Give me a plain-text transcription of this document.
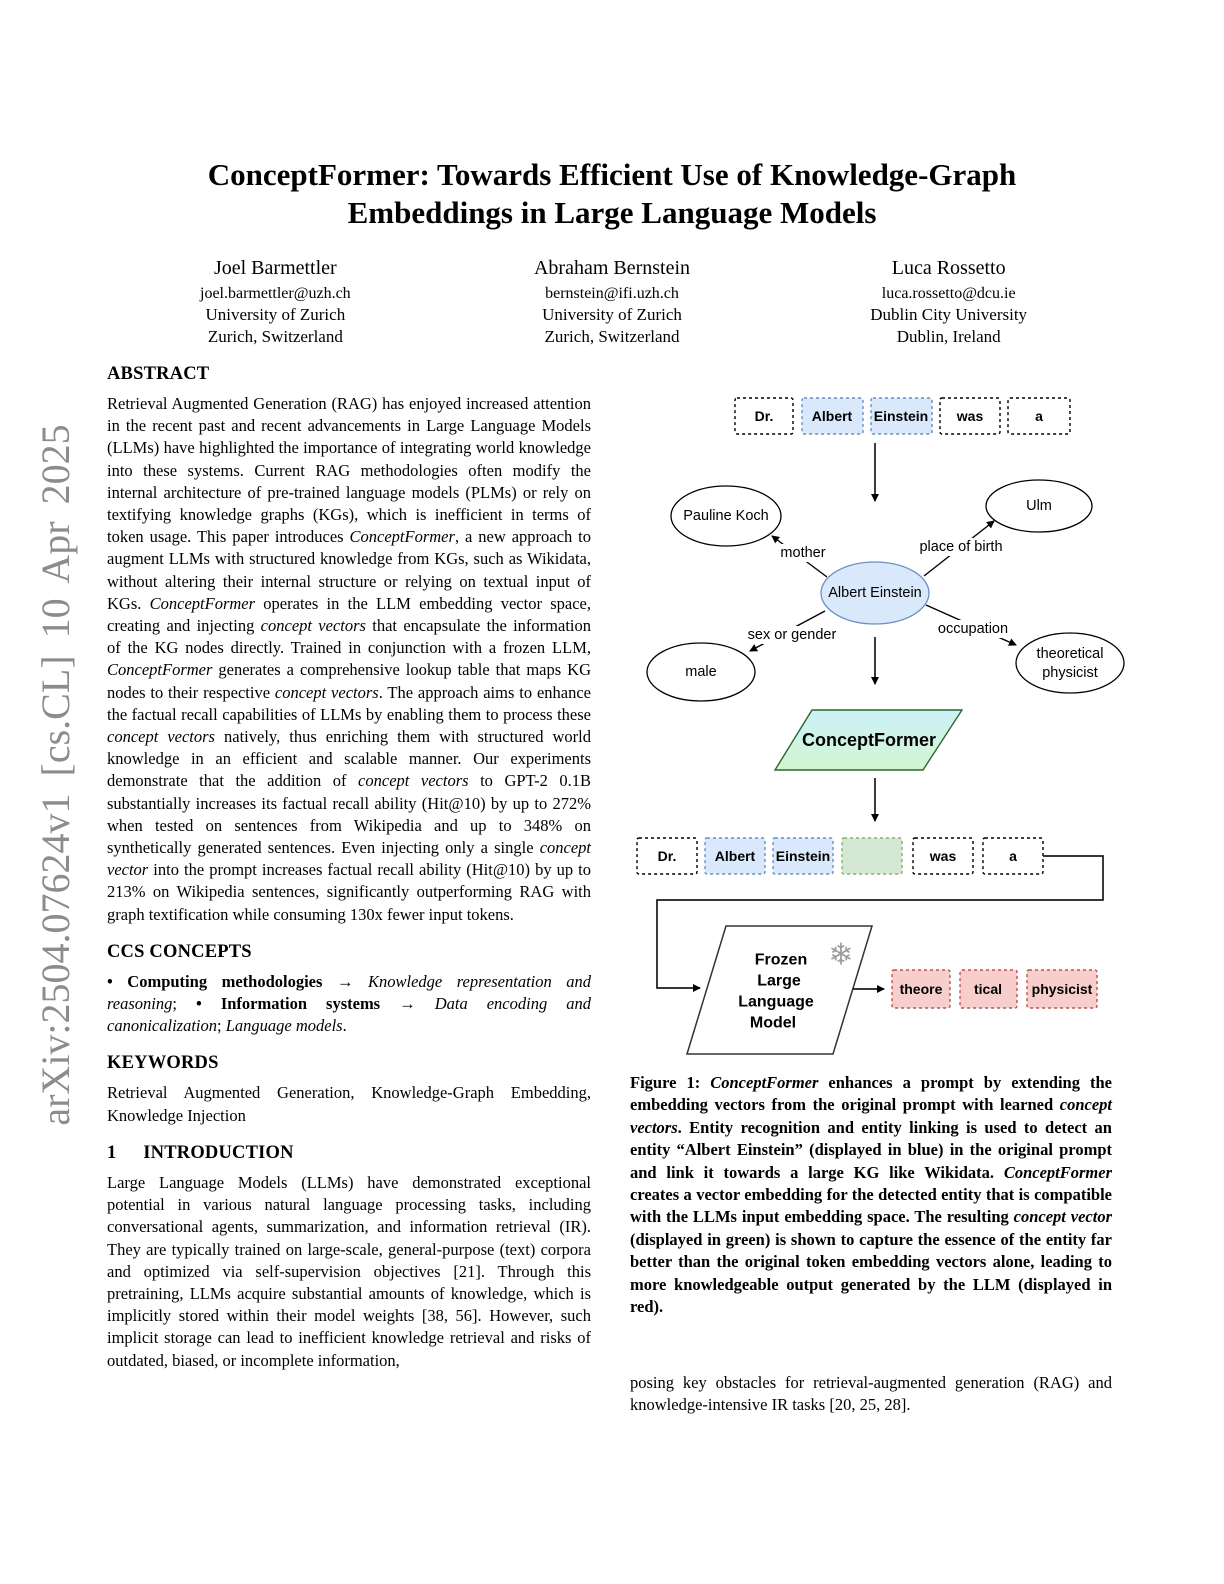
arXiv:2504.07624v1 [cs.CL] 10 Apr 2025
ConceptFormer: Towards Efficient Use of Knowledge-Graph
Embeddings in Large Language Models
Joel Barmettler
joel.barmettler@uzh.ch
University of Zurich
Zurich, Switzerland
Abraham Bernstein
bernstein@ifi.uzh.ch
University of Zurich
Zurich, Switzerland
Luca Rossetto
luca.rossetto@dcu.ie
Dublin City University
Dublin, Ireland
ABSTRACT

Retrieval Augmented Generation (RAG) has enjoyed increased attention in the recent past and recent advancements in Large Language Models (LLMs) have highlighted the importance of integrating world knowledge into these systems. Current RAG methodologies often modify the internal architecture of pre-trained language models (PLMs) or rely on textifying knowledge graphs (KGs), which is inefficient in terms of token usage. This paper introduces ConceptFormer, a new approach to augment LLMs with structured knowledge from KGs, such as Wikidata, without altering their internal structure or relying on textual input of KGs. ConceptFormer operates in the LLM embedding vector space, creating and injecting concept vectors that encapsulate the information of the KG nodes directly. Trained in conjunction with a frozen LLM, ConceptFormer generates a comprehensive lookup table that maps KG nodes to their respective concept vectors. The approach aims to enhance the factual recall capabilities of LLMs by enabling them to process these concept vectors natively, thus enriching them with structured world knowledge in an efficient and scalable manner. Our experiments demonstrate that the addition of concept vectors to GPT-2 0.1B substantially increases its factual recall ability (Hit@10) by up to 272% when tested on sentences from Wikipedia and up to 348% on synthetically generated sentences. Even injecting only a single concept vector into the prompt increases factual recall ability (Hit@10) by up to 213% on Wikipedia sentences, significantly outperforming RAG with graph textification while consuming 130x fewer input tokens.

CCS CONCEPTS

• Computing methodologies → Knowledge representation and reasoning; • Information systems → Data encoding and canonicalization; Language models.

KEYWORDS

Retrieval Augmented Generation, Knowledge-Graph Embedding, Knowledge Injection

1 INTRODUCTION

Large Language Models (LLMs) have demonstrated exceptional potential in various natural language processing tasks, including conversational agents, summarization, and information retrieval (IR). They are typically trained on large-scale, general-purpose (text) corpora and optimized via self-supervision objectives [21]. Through this pretraining, LLMs acquire substantial amounts of knowledge, which is implicitly stored within their model weights [38, 56]. However, such implicit storage can lead to inefficient knowledge retrieval and risks of outdated, biased, or incomplete information,

Dr.	Albert Einstein was	a
Pauline Koch
Ulm
male
theoretical
physicist
Albert Einstein
mother	place of birth
sex or gender	occupation
ConceptFormer
Dr.	Albert Einstein	was	a
Frozen
Large
Language
Model
❄
theore tical physicist

Figure 1: ConceptFormer enhances a prompt by extending the embedding vectors from the original prompt with learned concept vectors. Entity recognition and entity linking is used to detect an entity “Albert Einstein” (displayed in blue) in the original prompt and link it towards a large KG like Wikidata. ConceptFormer creates a vector embedding for the detected entity that is compatible with the LLMs input embedding space. The resulting concept vector (displayed in green) is shown to capture the essence of the entity far better than the original token embedding vectors alone, leading to more knowledgeable output generated by the LLM (displayed in red).

posing key obstacles for retrieval-augmented generation (RAG) and knowledge-intensive IR tasks [20, 25, 28].
